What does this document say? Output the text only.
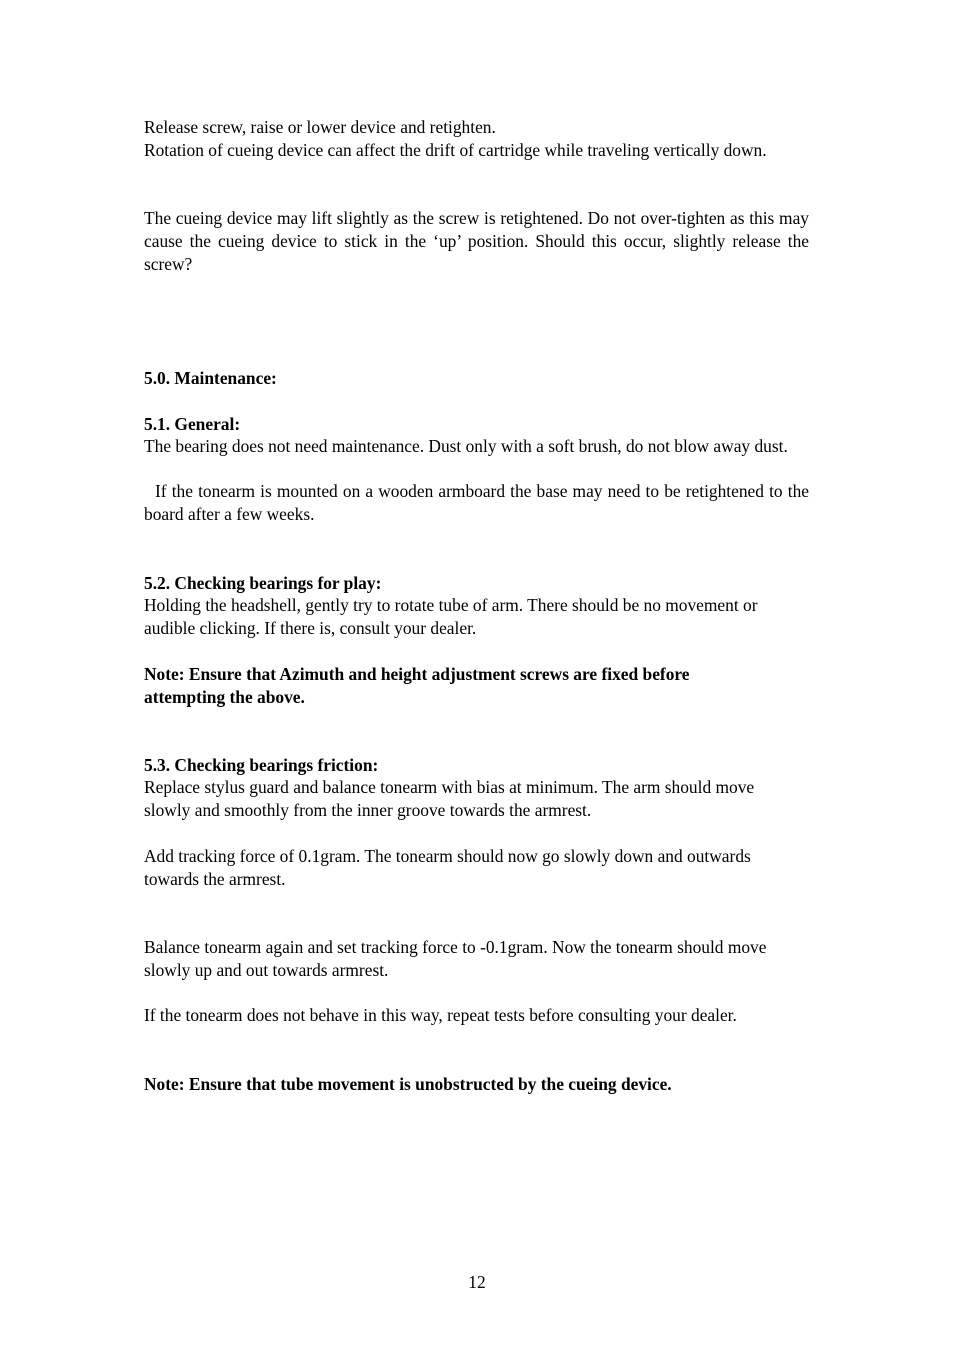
Release screw, raise or lower device and retighten.

Rotation of cueing device can affect the drift of cartridge while traveling vertically down.

The cueing device may lift slightly as the screw is retightened. Do not over-tighten as this may cause the cueing device to stick in the ‘up’ position. Should this occur, slightly release the screw?

5.0. Maintenance:

5.1. General:

The bearing does not need maintenance. Dust only with a soft brush, do not blow away dust.

If the tonearm is mounted on a wooden armboard the base may need to be retightened to the board after a few weeks.

5.2. Checking bearings for play:

Holding the headshell, gently try to rotate tube of arm. There should be no movement or audible clicking. If there is, consult your dealer.

Note: Ensure that Azimuth and height adjustment screws are fixed before attempting the above.

5.3. Checking bearings friction:

Replace stylus guard and balance tonearm with bias at minimum. The arm should move slowly and smoothly from the inner groove towards the armrest.

Add tracking force of 0.1gram. The tonearm should now go slowly down and outwards towards the armrest.

Balance tonearm again and set tracking force to -0.1gram. Now the tonearm should move slowly up and out towards armrest.

If the tonearm does not behave in this way, repeat tests before consulting your dealer.

Note: Ensure that tube movement is unobstructed by the cueing device.

12
